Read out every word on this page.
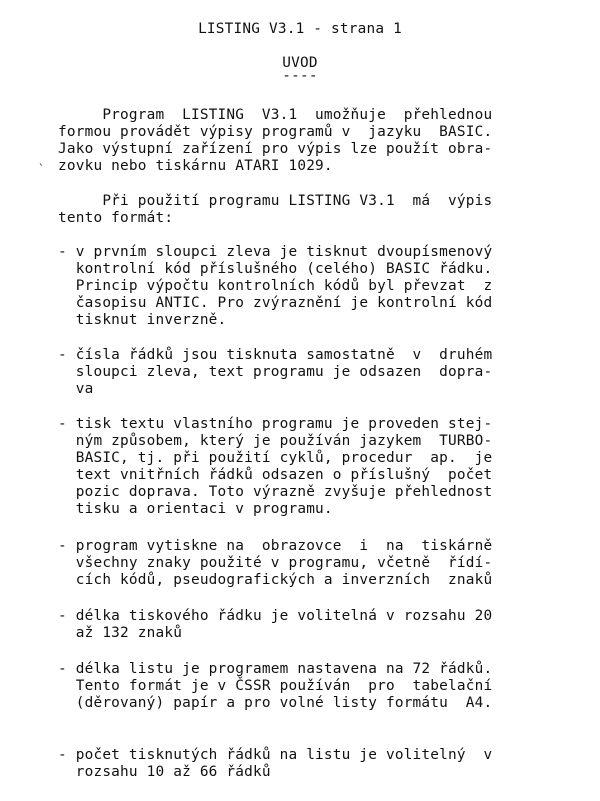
LISTING V3.1 - strana 1
UVOD
----
Program  LISTING  V3.1  umožňuje  přehlednou
formou provádět výpisy programů v  jazyku  BASIC.
Jako výstupní zařízení pro výpis lze použít obra-
zovku nebo tiskárnu ATARI 1029.
`
Při použití programu LISTING V3.1  má  výpis
tento formát:
- v prvním sloupci zleva je tisknut dvoupísmenový
kontrolní kód příslušného (celého) BASIC řádku.
Princip výpočtu kontrolních kódů byl převzat  z
časopisu ANTIC. Pro zvýraznění je kontrolní kód
tisknut inverzně.
- čísla řádků jsou tisknuta samostatně  v  druhém
sloupci zleva, text programu je odsazen  dopra-
va
- tisk textu vlastního programu je proveden stej-
ným způsobem, který je používán jazykem  TURBO-
BASIC, tj. při použití cyklů, procedur  ap.  je
text vnitřních řádků odsazen o příslušný  počet
pozic doprava. Toto výrazně zvyšuje přehlednost
tisku a orientaci v programu.
- program vytiskne na  obrazovce  i  na  tiskárně
všechny znaky použité v programu, včetně  řídí-
cích kódů, pseudografických a inverzních  znaků
- délka tiskového řádku je volitelná v rozsahu 20
až 132 znaků
- délka listu je programem nastavena na 72 řádků.
Tento formát je v ČSSR používán  pro  tabelační
(děrovaný) papír a pro volné listy formátu  A4.
- počet tisknutých řádků na listu je volitelný  v
rozsahu 10 až 66 řádků
